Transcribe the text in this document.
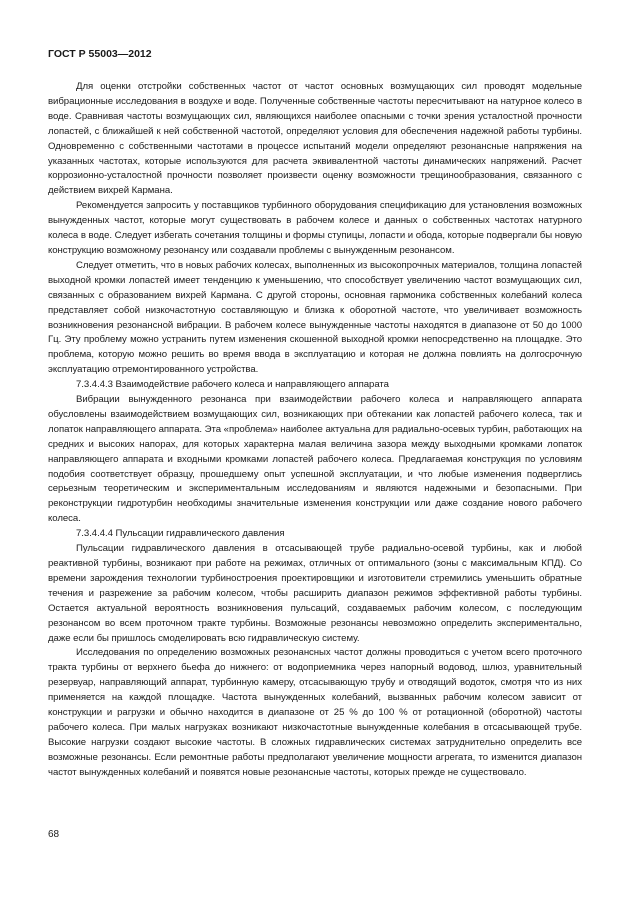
ГОСТ Р 55003—2012

Для оценки отстройки собственных частот от частот основных возмущающих сил проводят модельные вибрационные исследования в воздухе и воде. Полученные собственные частоты пересчитывают на натурное колесо в воде. Сравнивая частоты возмущающих сил, являющихся наиболее опасными с точки зрения усталостной прочности лопастей, с ближайшей к ней собственной частотой, определяют условия для обеспечения надежной работы турбины. Одновременно с собственными частотами в процессе испытаний модели определяют резонансные напряжения на указанных частотах, которые используются для расчета эквивалентной частоты динамических напряжений. Расчет коррозионно-усталостной прочности позволяет произвести оценку возможности трещинообразования, связанного с действием вихрей Кармана.

Рекомендуется запросить у поставщиков турбинного оборудования спецификацию для установления возможных вынужденных частот, которые могут существовать в рабочем колесе и данных о собственных частотах натурного колеса в воде. Следует избегать сочетания толщины и формы ступицы, лопасти и обода, которые подвергали бы новую конструкцию возможному резонансу или создавали проблемы с вынужденным резонансом.

Следует отметить, что в новых рабочих колесах, выполненных из высокопрочных материалов, толщина лопастей выходной кромки лопастей имеет тенденцию к уменьшению, что способствует увеличению частот возмущающих сил, связанных с образованием вихрей Кармана. С другой стороны, основная гармоника собственных колебаний колеса представляет собой низкочастотную составляющую и близка к оборотной частоте, что увеличивает возможность возникновения резонансной вибрации. В рабочем колесе вынужденные частоты находятся в диапазоне от 50 до 1000 Гц. Эту проблему можно устранить путем изменения скошенной выходной кромки непосредственно на площадке. Это проблема, которую можно решить во время ввода в эксплуатацию и которая не должна повлиять на долгосрочную эксплуатацию отремонтированного устройства.

7.3.4.4.3 Взаимодействие рабочего колеса и направляющего аппарата

Вибрации вынужденного резонанса при взаимодействии рабочего колеса и направляющего аппарата обусловлены взаимодействием возмущающих сил, возникающих при обтекании как лопастей рабочего колеса, так и лопаток направляющего аппарата. Эта «проблема» наиболее актуальна для радиально-осевых турбин, работающих на средних и высоких напорах, для которых характерна малая величина зазора между выходными кромками лопаток направляющего аппарата и входными кромками лопастей рабочего колеса. Предлагаемая конструкция по условиям подобия соответствует образцу, прошедшему опыт успешной эксплуатации, и что любые изменения подверглись серьезным теоретическим и экспериментальным исследованиям и являются надежными и безопасными. При реконструкции гидротурбин необходимы значительные изменения конструкции или даже создание нового рабочего колеса.

7.3.4.4.4 Пульсации гидравлического давления

Пульсации гидравлического давления в отсасывающей трубе радиально-осевой турбины, как и любой реактивной турбины, возникают при работе на режимах, отличных от оптимального (зоны с максимальным КПД). Со времени зарождения технологии турбиностроения проектировщики и изготовители стремились уменьшить обратные течения и разрежение за рабочим колесом, чтобы расширить диапазон режимов эффективной работы турбины. Остается актуальной вероятность возникновения пульсаций, создаваемых рабочим колесом, с последующим резонансом во всем проточном тракте турбины. Возможные резонансы невозможно определить экспериментально, даже если бы пришлось смоделировать всю гидравлическую систему.

Исследования по определению возможных резонансных частот должны проводиться с учетом всего проточного тракта турбины от верхнего бьефа до нижнего: от водоприемника через напорный водовод, шлюз, уравнительный резервуар, направляющий аппарат, турбинную камеру, отсасывающую трубу и отводящий водоток, смотря что из них применяется на каждой площадке. Частота вынужденных колебаний, вызванных рабочим колесом зависит от конструкции и рагрузки и обычно находится в диапазоне от 25 % до 100 % от ротационной (оборотной) частоты рабочего колеса. При малых нагрузках возникают низкочастотные вынужденные колебания в отсасывающей трубе. Высокие нагрузки создают высокие частоты. В сложных гидравлических системах затруднительно определить все возможные резонансы. Если ремонтные работы предполагают увеличение мощности агрегата, то изменится диапазон частот вынужденных колебаний и появятся новые резонансные частоты, которых прежде не существовало.

68
